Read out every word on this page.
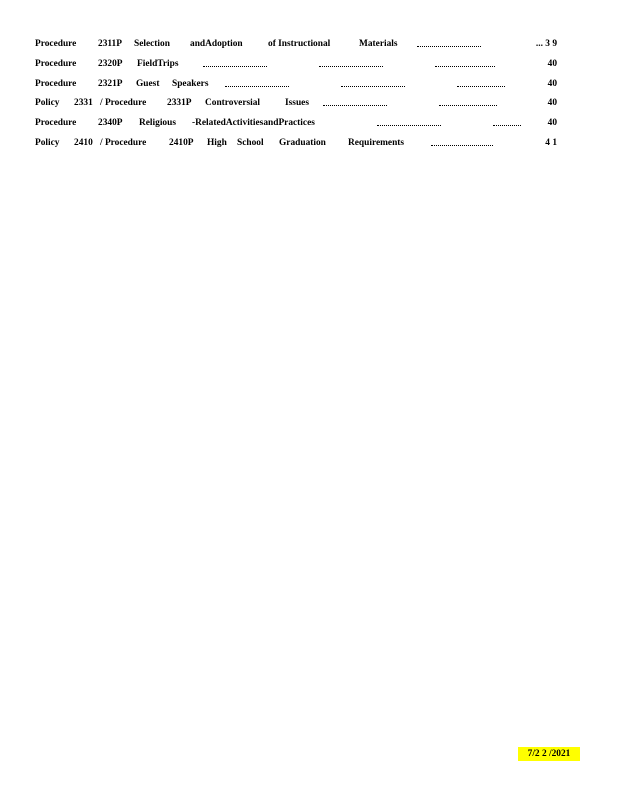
Procedure 2311P Selection andAdoption	of Instructional	Materials	... 3 9
Procedure 2320P FieldTrips	40
Procedure 2321P Guest Speakers	40
Policy 2331 / Procedure 2331P Controversial	Issues	40
Procedure 2340P Religious -RelatedActivitiesandPractices	40
Policy 2410 / Procedure 2410P High School Graduation Requirements	4 1
7/2 2 /2021
